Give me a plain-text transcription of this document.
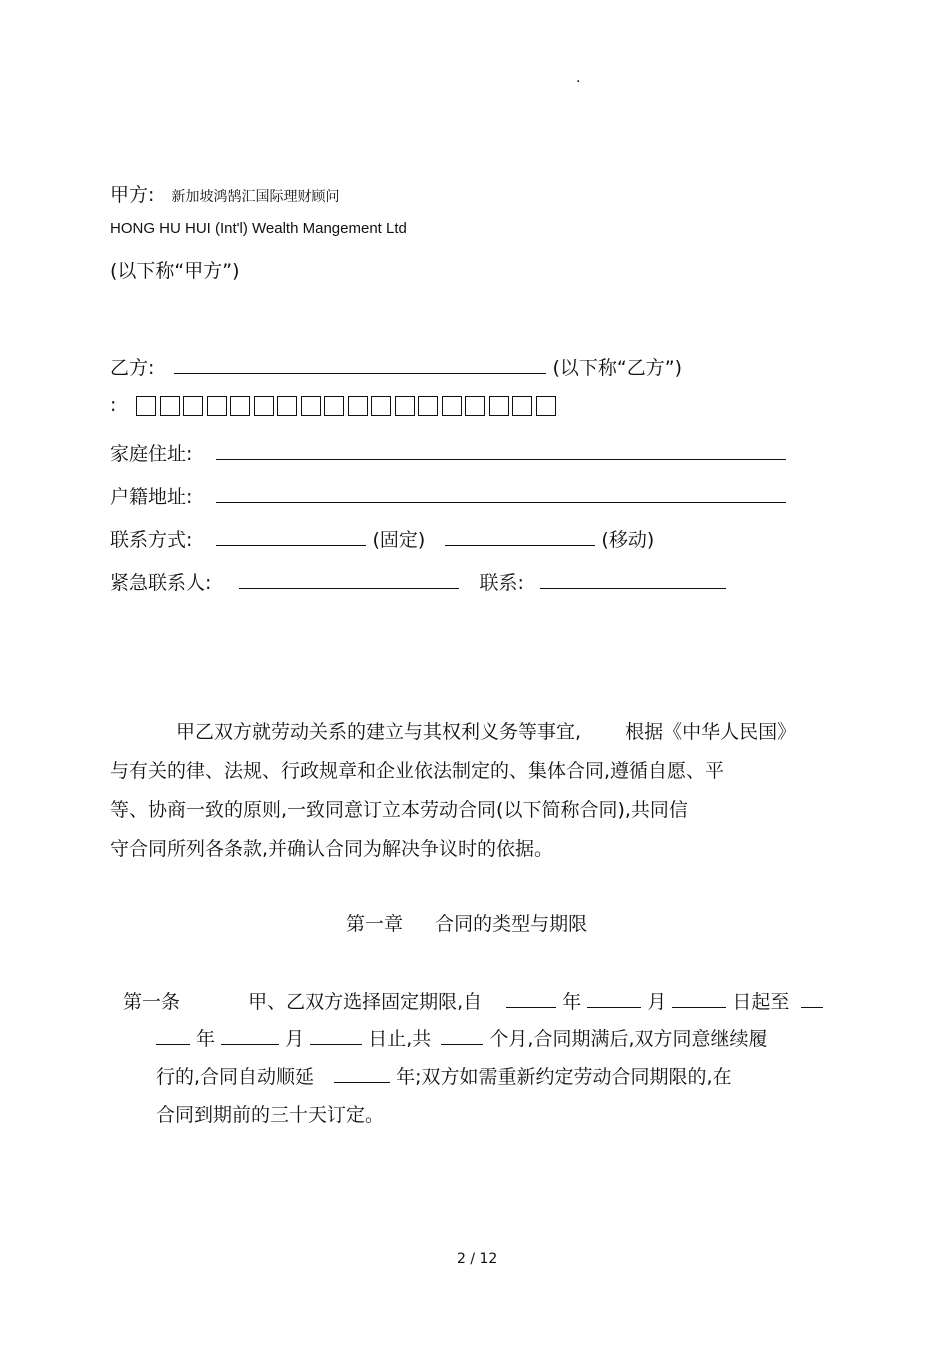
.
甲方: 新加坡鸿鹄汇国际理财顾问
HONG HU HUI (Int'l) Wealth Mangement Ltd
(以下称“甲方”)
乙方:	(以下称“乙方”)
:
家庭住址:
户籍地址:
联系方式:	(固定)	(移动)
紧急联系人:	联系:
甲乙双方就劳动关系的建立与其权利义务等事宜, 根据《中华人民国》
与有关的律、法规、行政规章和企业依法制定的、集体合同,遵循自愿、平
等、协商一致的原则,一致同意订立本劳动合同(以下简称合同),共同信
守合同所列各条款,并确认合同为解决争议时的依据。
第一章 合同的类型与期限
第一条	甲、乙双方选择固定期限,自	年	月	日起至
年	月	日止,共	个月,合同期满后,双方同意继续履
行的,合同自动顺延	年;双方如需重新约定劳动合同期限的,在
合同到期前的三十天订定。
2 / 12
